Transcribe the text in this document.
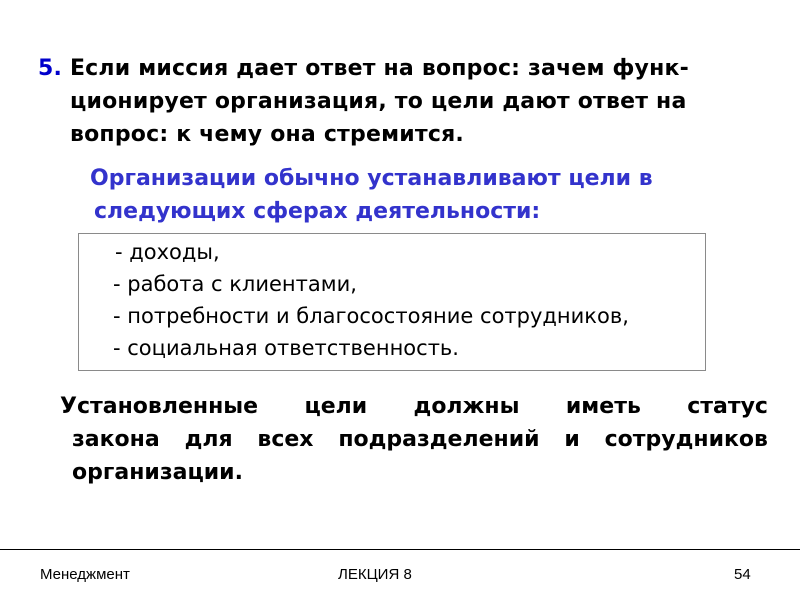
5. Если миссия дает ответ на вопрос: зачем функ-
ционирует организация, то цели дают ответ на
вопрос: к чему она стремится.
Организации обычно устанавливают цели в
следующих сферах деятельности:
- доходы,
- работа с клиентами,
- потребности и благосостояние сотрудников,
- социальная ответственность.
Установленные цели должны иметь статус
закона для всех подразделений и сотрудников
организации.
Менеджмент	ЛЕКЦИЯ 8	54
